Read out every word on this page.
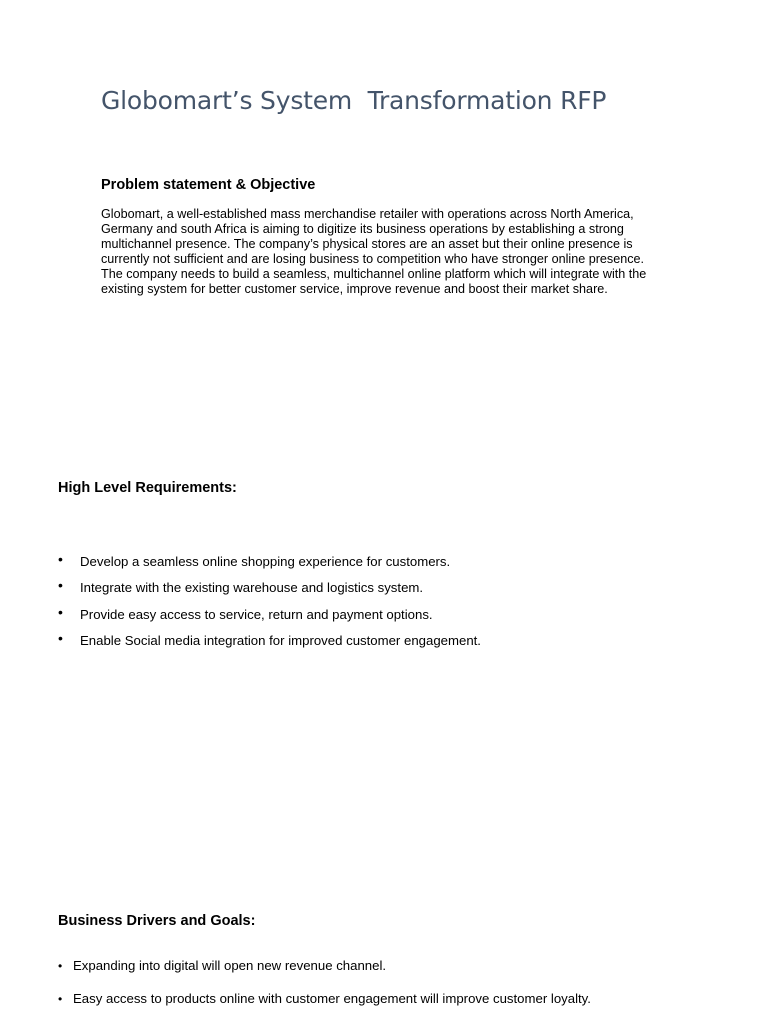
Globomart’s System  Transformation RFP
Problem statement & Objective

Globomart, a well-established mass merchandise retailer with operations across North America,
Germany and south Africa is aiming to digitize its business operations by establishing a strong
multichannel presence. The company’s physical stores are an asset but their online presence is
currently not sufficient and are losing business to competition who have stronger online presence.
The company needs to build a seamless, multichannel online platform which will integrate with the
existing system for better customer service, improve revenue and boost their market share.

High Level Requirements:
• Develop a seamless online shopping experience for customers.
• Integrate with the existing warehouse and logistics system.
• Provide easy access to service, return and payment options.
• Enable Social media integration for improved customer engagement.
Business Drivers and Goals:
• Expanding into digital will open new revenue channel.
• Easy access to products online with customer engagement will improve customer loyalty.
